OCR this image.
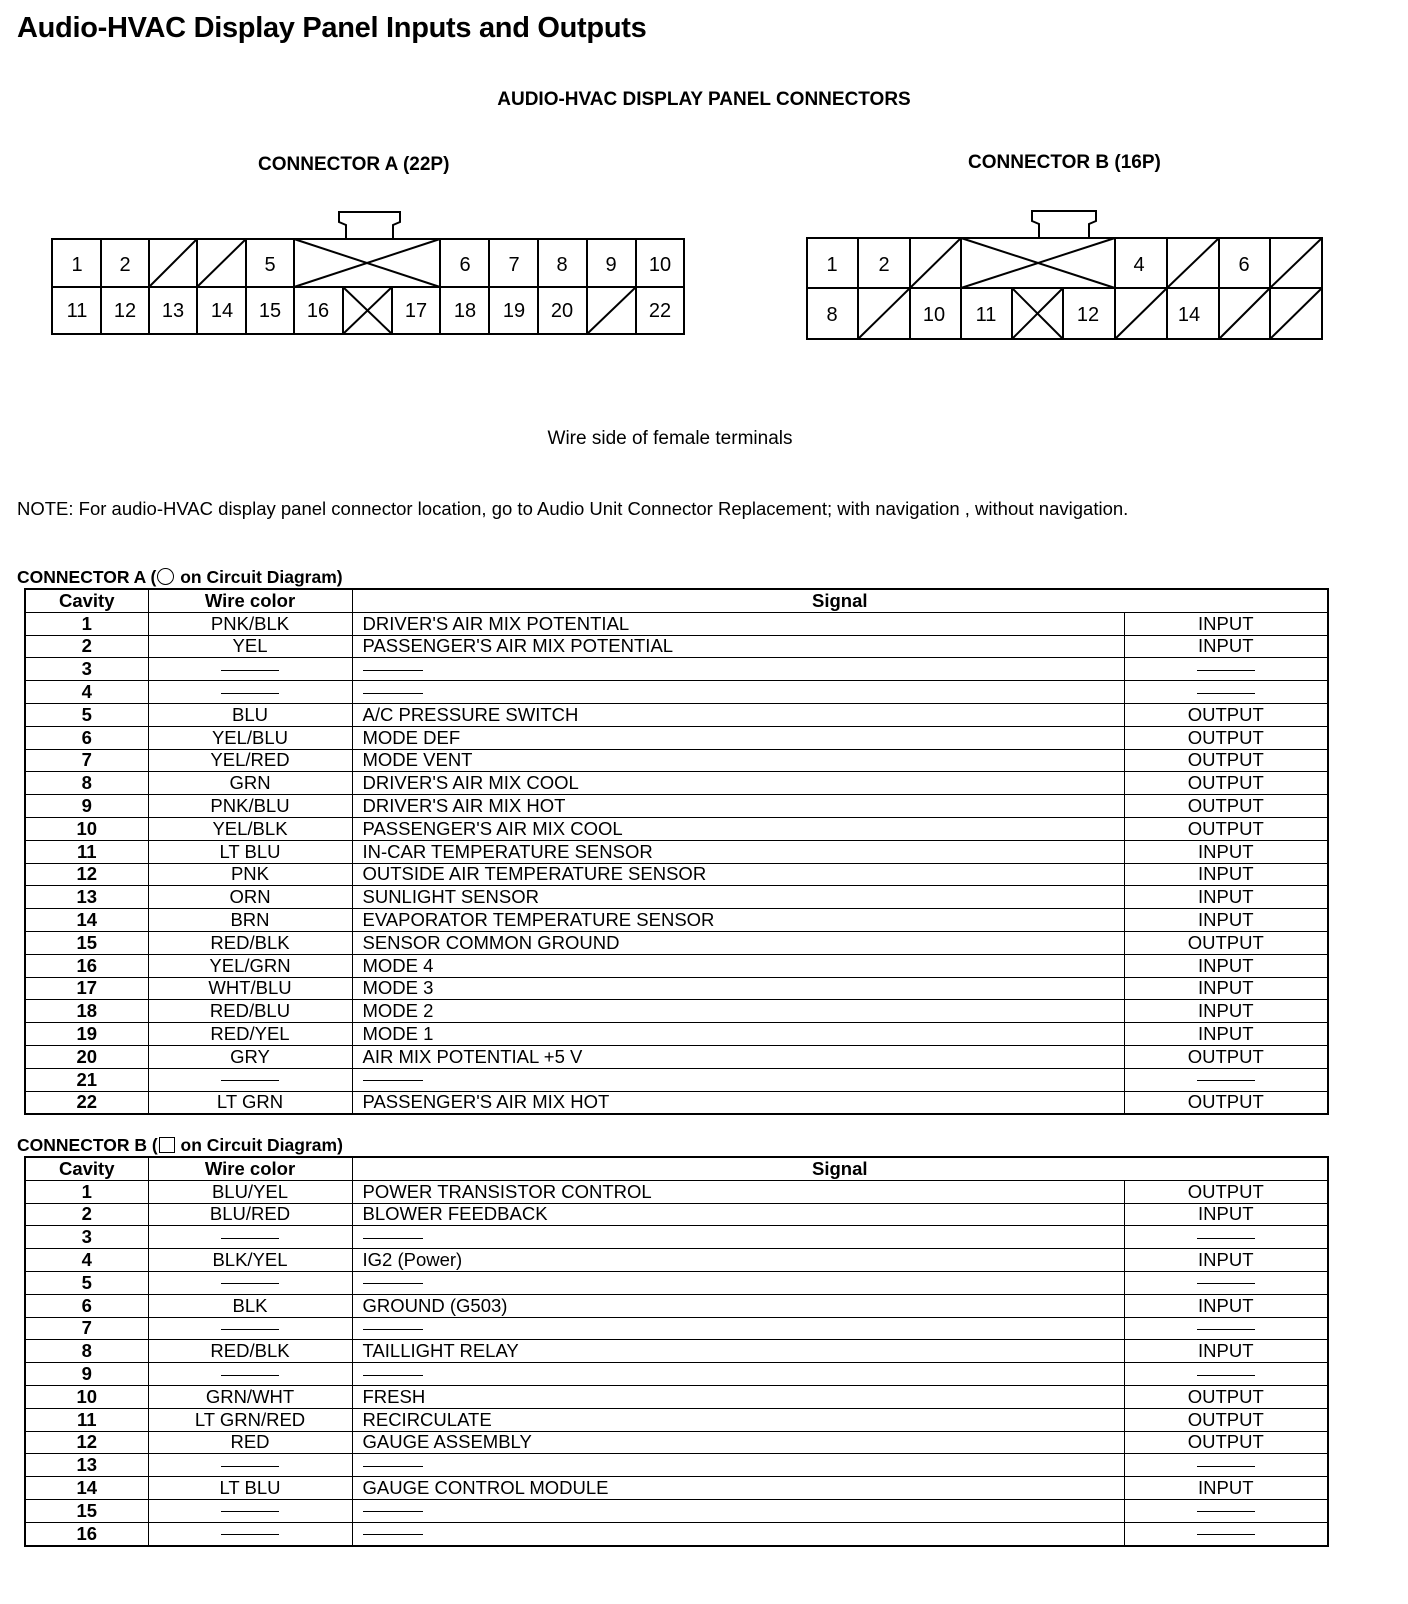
Audio-HVAC Display Panel Inputs and Outputs
AUDIO-HVAC DISPLAY PANEL CONNECTORS

CONNECTOR A (22P)	CONNECTOR B (16P)

1 2	5	6 7 8 9 10
11 12 13 14 15 16	17 18 19 20	22
1 2	4	6
8	10 11	12	14

Wire side of female terminals

NOTE: For audio-HVAC display panel connector location, go to Audio Unit Connector Replacement; with navigation , without navigation.

CONNECTOR A ( on Circuit Diagram)

Cavity	Wire color	Signal	
1	PNK/BLK	DRIVER'S AIR MIX POTENTIAL	INPUT
2	YEL	PASSENGER'S AIR MIX POTENTIAL	INPUT
3			
4			
5	BLU	A/C PRESSURE SWITCH	OUTPUT
6	YEL/BLU	MODE DEF	OUTPUT
7	YEL/RED	MODE VENT	OUTPUT
8	GRN	DRIVER'S AIR MIX COOL	OUTPUT
9	PNK/BLU	DRIVER'S AIR MIX HOT	OUTPUT
10	YEL/BLK	PASSENGER'S AIR MIX COOL	OUTPUT
11	LT BLU	IN-CAR TEMPERATURE SENSOR	INPUT
12	PNK	OUTSIDE AIR TEMPERATURE SENSOR	INPUT
13	ORN	SUNLIGHT SENSOR	INPUT
14	BRN	EVAPORATOR TEMPERATURE SENSOR	INPUT
15	RED/BLK	SENSOR COMMON GROUND	OUTPUT
16	YEL/GRN	MODE 4	INPUT
17	WHT/BLU	MODE 3	INPUT
18	RED/BLU	MODE 2	INPUT
19	RED/YEL	MODE 1	INPUT
20	GRY	AIR MIX POTENTIAL +5 V	OUTPUT
21			
22	LT GRN	PASSENGER'S AIR MIX HOT	OUTPUT

CONNECTOR B ( on Circuit Diagram)

Cavity	Wire color	Signal	
1	BLU/YEL	POWER TRANSISTOR CONTROL	OUTPUT
2	BLU/RED	BLOWER FEEDBACK	INPUT
3			
4	BLK/YEL	IG2 (Power)	INPUT
5			
6	BLK	GROUND (G503)	INPUT
7			
8	RED/BLK	TAILLIGHT RELAY	INPUT
9			
10	GRN/WHT	FRESH	OUTPUT
11	LT GRN/RED	RECIRCULATE	OUTPUT
12	RED	GAUGE ASSEMBLY	OUTPUT
13			
14	LT BLU	GAUGE CONTROL MODULE	INPUT
15			
16			
